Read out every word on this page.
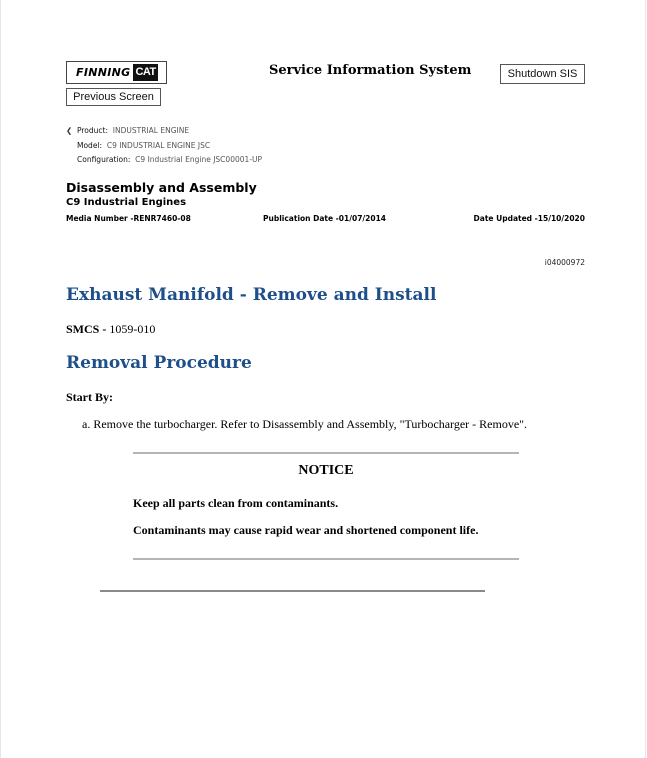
FINNING CAT
Previous Screen
Service Information System	Shutdown SIS
❮ Product: INDUSTRIAL ENGINE
Model: C9 INDUSTRIAL ENGINE JSC
Configuration: C9 Industrial Engine JSC00001-UP
Disassembly and Assembly
C9 Industrial Engines
Media Number -RENR7460-08	Publication Date -01/07/2014	Date Updated -15/10/2020
i04000972
Exhaust Manifold - Remove and Install
SMCS - 1059-010
Removal Procedure
Start By:
a. Remove the turbocharger. Refer to Disassembly and Assembly, "Turbocharger - Remove".
NOTICE
Keep all parts clean from contaminants.
Contaminants may cause rapid wear and shortened component life.
